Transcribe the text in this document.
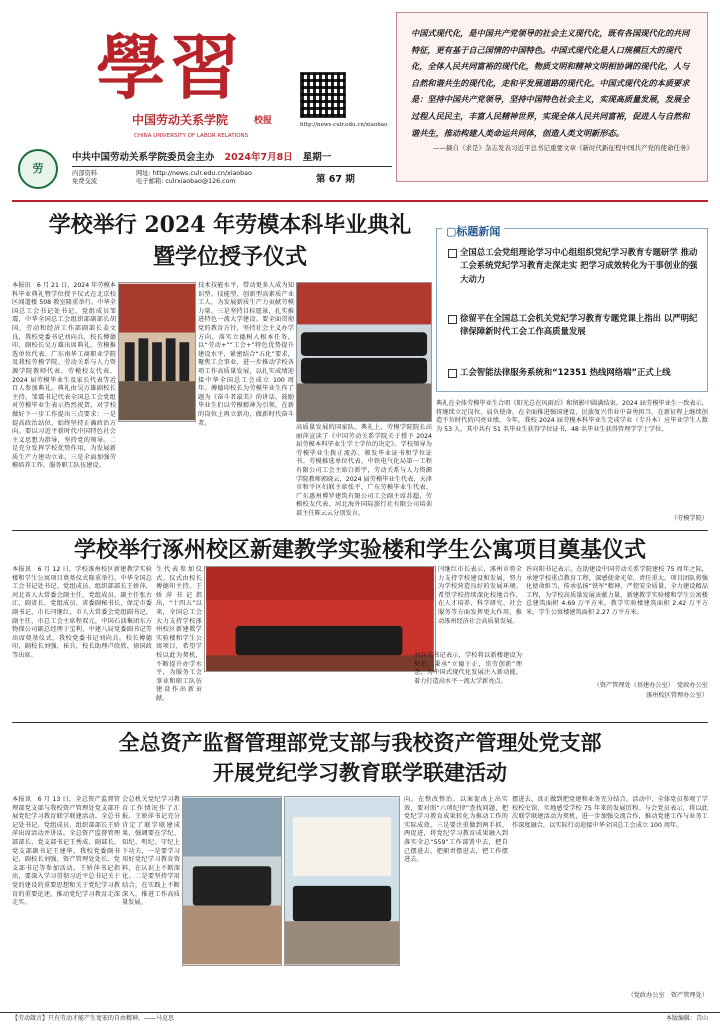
學習
中国劳动关系学院
CHINA UNIVERSITY OF LABOR RELATIONS
校报	http://news.culr.edu.cn/xiaobao
中国式现代化，是中国共产党领导的社会主义现代化，既有各国现代化的共同特征，更有基于自己国情的中国特色。中国式现代化是人口规模巨大的现代化，全体人民共同富裕的现代化，物质文明和精神文明相协调的现代化，人与自然和谐共生的现代化，走和平发展道路的现代化。中国式现代化的本质要求是：坚持中国共产党领导，坚持中国特色社会主义，实现高质量发展，发展全过程人民民主，丰富人民精神世界，实现全体人民共同富裕，促进人与自然和谐共生，推动构建人类命运共同体，创造人类文明新形态。
——摘自《求是》杂志发表习近平总书记重要文章《新时代新征程中国共产党的使命任务》
劳
中共中国劳动关系学院委员会主办 2024年7月8日 星期一
内部资料
免费交流
网址: http://news.culr.edu.cn/xiaobao
电子邮箱: culrxiaobao@126.com	第 67 期
学校举行 2024 年劳模本科毕业典礼暨学位授予仪式
本报讯　6 月 21 日，2024 年劳模本科毕业典礼暨学位授予仪式在北京校区闻道楼 508 教室隆重举行。中华全国总工会书记处书记、党组成员邹震，中华全国总工会组织部副部长胡国，劳动和经济工作部副部长姜文良，我校党委书记刘向兵，校长傅德印，副校长吴万雄出席典礼。劳模推选单位代表、广东南华工商职业学院及我校劳模学院、劳动关系与人力资源学院教师代表、劳模校友代表、2024 届劳模毕业生及家长代表等近百人参加典礼。典礼由吴万雄副校长主持。邹震书记代表全国总工会党组对劳模毕业生表示热烈祝贺，对学校做好下一步工作提出三点要求：一是提高政治站位，始终坚持正确政治方向。要以习近平新时代中国特色社会主义思想为指导，坚持党的领导。二是充分发挥学校优势作用，为发展新质生产力建功立业。三是全面加强劳模培养工作，服务职工队伍建设。
技术技能水平，带动更多人成为知识型、技能型、创新型高素质产业工人，为发展新质生产力贡献劳模力量。三是坚持目标愿景，扎实推进特色一流大学建设。要全面贯彻党的教育方针，坚持社会主义办学方向，落实立德树人根本任务，以“劳动+”“工会+”特色优势提升建设水平，紧密结合“五化”要求，聚焦工会事业，进一步推动学校各项工作高质量发展，以扎实成绩迎接中华全国总工会成立 100 周年。傅德印校长为劳模毕业生作了题为《奋斗者最美》的讲话，鼓励毕业生们以劳模精神为引领，在新的岗位上再立新功，做新时代奋斗者。
高质量发展的国家队。典礼上，劳模学院院长高丽萍宣读了《中国劳动关系学院关于授予 2024 届劳模本科毕业生学士学位的决定》。学校领导为劳模毕业生拨正流苏、颁发毕业证书和学位证书。劳模推选单位代表、中铁电气化局第一工程有限公司工会主席白新宇，劳动关系与人力资源学院教师郭晓云，2024 届劳模毕业生代表、天津市和平区妇联主席张平，广东劳模毕业生代表、广东惠州博罗建筑有限公司工会副主席苏超，劳模校友代表、河北海外国际旅行社有限公司培训部主任陈云云分别发言。
典礼在全体劳模毕业生合唱《阳光总在风雨后》和留影中圆满结束。2024 届劳模毕业生一致表示，将继续立足岗位、肩负使命，在全面推进强国建设、民族复兴伟业中奋勇担当，在新征程上继续创造不负时代的闪亮业绩。今年，我校 2024 届劳模本科毕业生完成学业（专升本）应毕业学生人数为 53 人，其中共有 51 名毕业生获得学位证书，48 名毕业生获得管理学学士学位。
（劳模学院）
▢标题新闻
全国总工会党组理论学习中心组组织党纪学习教育专题研学 推动工会系统党纪学习教育走深走实 把学习成效转化为干事创业的强大动力
徐留平在全国总工会机关党纪学习教育专题党课上指出 以严明纪律保障新时代工会工作高质量发展
工会智能法律服务系统和“12351 热线网络端”正式上线
学校举行涿州校区新建教学实验楼和学生公寓项目奠基仪式
本报讯　6 月 12 日，学校涿州校区新建教学实验楼和学生公寓项目奠基仪式隆重举行。中华全国总工会书记处书记、党组成员、组织部部长王娇萍，河北省人大常委会副主任、党组成员、副主任张古江，副省长、党组成员、省委副秘书长，保定市委副书记，市长闫继红，市人大常委会党组副书记、副主任，市总工会主席程双元，中国石油集团东方物探公司副总经理于宝利，中建八局党委副书记等出席奠基仪式。我校党委书记刘向兵，校长傅德印，副校长刘强、崔兵，校长助理卢欣欣、徐国政等出席。
生代表参加仪式。仪式由校长傅德印主持。王娇萍书记指出，“十四五”以来，全国总工会大力支持学校涿州校区新建教学实验楼和学生公寓项目，希望学校以此为契机，不断提升办学水平，为服务工会事业和职工队伍建设作出新贡献。
闫继红市长表示，涿州市将全力支持学校建设和发展，努力为学校营造良好的发展环境。希望学校持续深化校地合作，在人才培养、科学研究、社会服务等方面发挥更大作用，推动涿州经济社会高质量发展。
刘向兵书记表示，学校将以新楼建设为契机，秉承“立德于正，崇劳创新”理念，为中国式现代化发展注入新动能，着力打造高水平一流大学新亮点。
许向阳书记表示，在助建设中国劳动关系学院建校 75 周年之际，承建学校重点教育工程，深感使命光荣、责任重大。项目团队将强化使命担当，传承弘扬“铁军”精神，严控安全质量，全力建设精品工程，为学校高质量发展贡献力量。新建教学实验楼和学生公寓楼总建筑面积 4.69 万平方米，教学实验楼建筑面积 2.42 万平方米，学生公寓楼建筑面积 2.27 万平方米。
（资产管理处（基建办公室）　党政办公室
涿州校区管理办公室）
全总资产监督管理部党支部与我校资产管理处党支部
开展党纪学习教育联学联建活动
本报讯　6 月 13 日，全总资产监督管理部党支部与我校资产管理处党支部开展党纪学习教育联学联建活动。全总书记处书记、党组成员、组织部部长王娇萍出席活动并讲话。全总资产监督管理部部长、党支部书记王秀成，副部长、党支部副书记王建华，我校党委副书记、副校长刘强，资产管理处处长、党支部书记等参加活动。王娇萍书记指出，要深入学习贯彻习近平总书记关于党的建设的重要思想和关于党纪学习教育的重要论述，推动党纪学习教育走深走实。
会总机关党纪学习教育工作情况作了汇报。王娇萍书记充分肯定了联学联建成果，强调要在学纪、知纪、明纪、守纪上下功夫，一是要学习用好党纪学习教育资料，在认识上不断深化。二是要坚持学用结合，在实践上不断深入，推进工作高质量发展。
向。在整改整治、以案促改上出实效，要对照“六项纪律”查找问题，把党纪学习教育成果转化为推动工作的实际成效。三是要注重做到两手抓、两促进，将党纪学习教育成果融入到落实全总“559”工作部署中去，把自己摆进去，把职责摆进去，把工作摆进去。
摆进去，真正做到把党建和业务充分结合。活动中，全体党员参观了学校校史馆，实地感受学校 75 年来的发展历程。与会党员表示，将以此次联学联建活动为契机，进一步加强交流合作，推动党建工作与业务工作深度融合，以实际行动迎接中华全国总工会成立 100 周年。
（党政办公室　资产管理处）
【劳动箴言】只有劳动才能产生宽宏的自由精神。——马克思	本版编辑：青山
